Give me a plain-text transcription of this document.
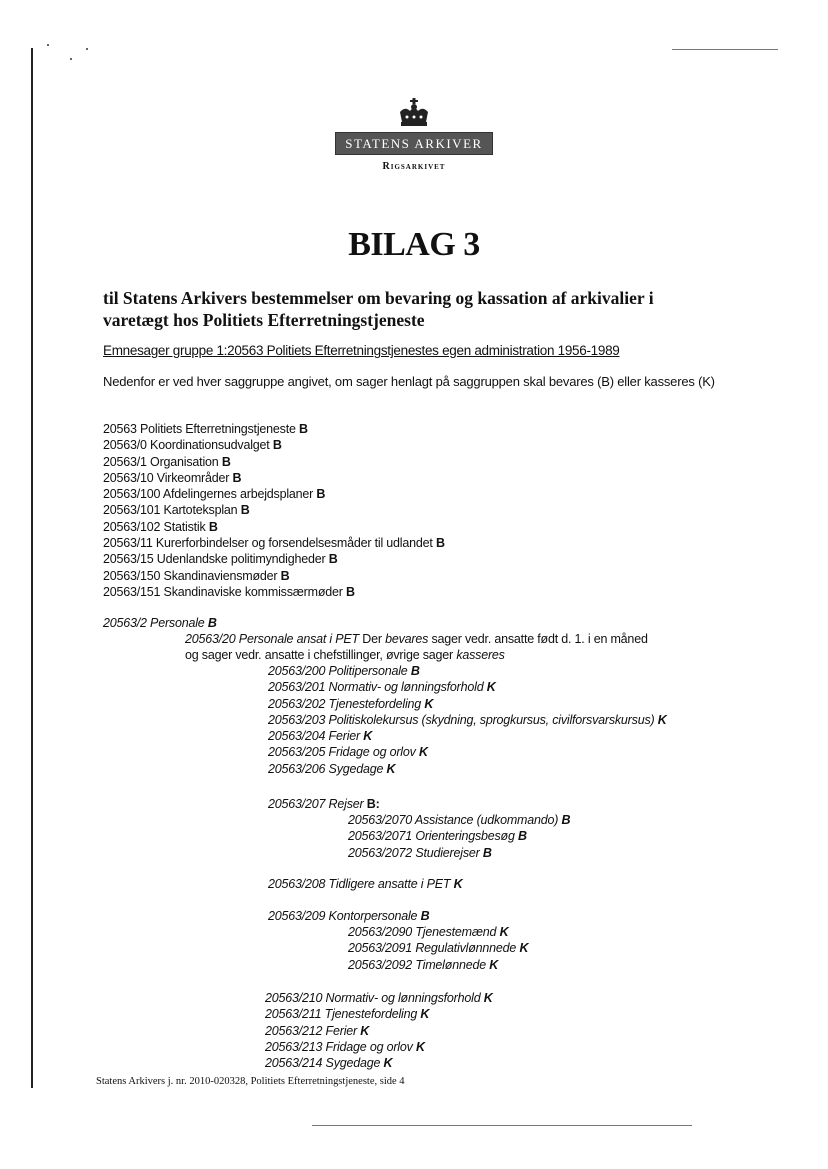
STATENS ARKIVER
Rigsarkivet
BILAG 3
til Statens Arkivers bestemmelser om bevaring og kassation af arkivalier i varetægt hos Politiets Efterretningstjeneste
Emnesager gruppe 1:20563 Politiets Efterretningstjenestes egen administration 1956-1989
Nedenfor er ved hver saggruppe angivet, om sager henlagt på saggruppen skal bevares (B) eller kasseres (K)
20563 Politiets Efterretningstjeneste B
20563/0 Koordinationsudvalget B
20563/1 Organisation B
20563/10 Virkeområder B
20563/100 Afdelingernes arbejdsplaner B
20563/101 Kartoteksplan B
20563/102 Statistik B
20563/11 Kurerforbindelser og forsendelsesmåder til udlandet B
20563/15 Udenlandske politimyndigheder B
20563/150 Skandinaviensmøder B
20563/151 Skandinaviske kommissærmøder B
20563/2 Personale B
20563/20 Personale ansat i PET Der bevares sager vedr. ansatte født d. 1. i en måned
og sager vedr. ansatte i chefstillinger, øvrige sager kasseres
20563/200 Politipersonale B
20563/201 Normativ- og lønningsforhold K
20563/202 Tjenestefordeling K
20563/203 Politiskolekursus (skydning, sprogkursus, civilforsvarskursus) K
20563/204 Ferier K
20563/205 Fridage og orlov K
20563/206 Sygedage K
20563/207 Rejser B:
20563/2070 Assistance (udkommando) B
20563/2071 Orienteringsbesøg B
20563/2072 Studierejser B
20563/208 Tidligere ansatte i PET K
20563/209 Kontorpersonale B
20563/2090 Tjenestemænd K
20563/2091 Regulativlønnnede K
20563/2092 Timelønnede K
20563/210 Normativ- og lønningsforhold K
20563/211 Tjenestefordeling K
20563/212 Ferier K
20563/213 Fridage og orlov K
20563/214 Sygedage K
Statens Arkivers j. nr. 2010-020328, Politiets Efterretningstjeneste, side 4
